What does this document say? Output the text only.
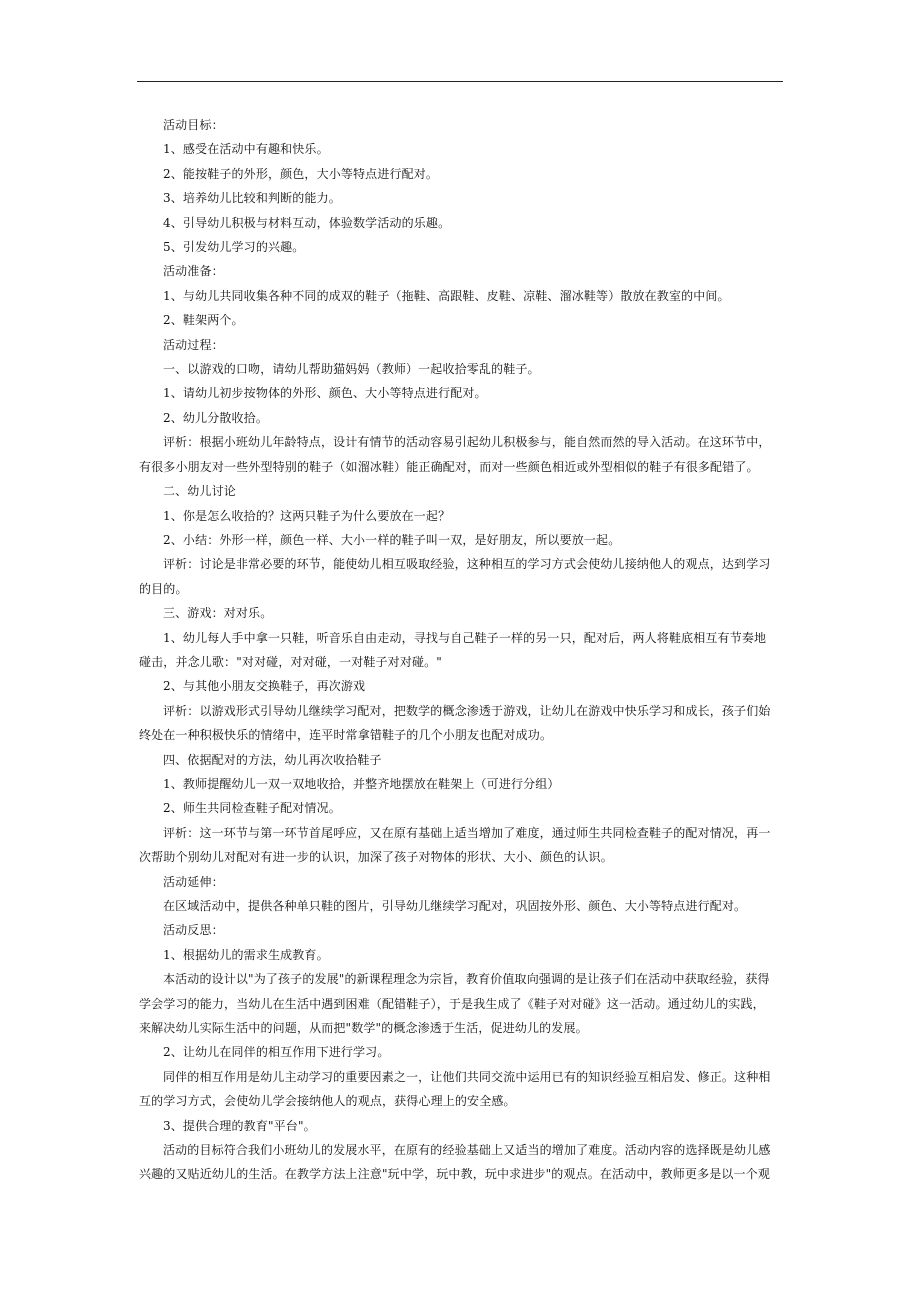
活动目标：
1、感受在活动中有趣和快乐。
2、能按鞋子的外形，颜色，大小等特点进行配对。
3、培养幼儿比较和判断的能力。
4、引导幼儿积极与材料互动，体验数学活动的乐趣。
5、引发幼儿学习的兴趣。
活动准备：
1、与幼儿共同收集各种不同的成双的鞋子（拖鞋、高跟鞋、皮鞋、凉鞋、溜冰鞋等）散放在教室的中间。
2、鞋架两个。
活动过程：
一、以游戏的口吻，请幼儿帮助猫妈妈（教师）一起收拾零乱的鞋子。
1、请幼儿初步按物体的外形、颜色、大小等特点进行配对。
2、幼儿分散收拾。
评析：根据小班幼儿年龄特点，设计有情节的活动容易引起幼儿积极参与，能自然而然的导入活动。在这环节中，
有很多小朋友对一些外型特别的鞋子（如溜冰鞋）能正确配对，而对一些颜色相近或外型相似的鞋子有很多配错了。
二、幼儿讨论
1、你是怎么收拾的？这两只鞋子为什么要放在一起？
2、小结：外形一样，颜色一样、大小一样的鞋子叫一双，是好朋友，所以要放一起。
评析：讨论是非常必要的环节，能使幼儿相互吸取经验，这种相互的学习方式会使幼儿接纳他人的观点，达到学习
的目的。
三、游戏：对对乐。
1、幼儿每人手中拿一只鞋，听音乐自由走动，寻找与自己鞋子一样的另一只，配对后，两人将鞋底相互有节奏地
碰击，并念儿歌："对对碰，对对碰，一对鞋子对对碰。"
2、与其他小朋友交换鞋子，再次游戏
评析：以游戏形式引导幼儿继续学习配对，把数学的概念渗透于游戏，让幼儿在游戏中快乐学习和成长，孩子们始
终处在一种积极快乐的情绪中，连平时常拿错鞋子的几个小朋友也配对成功。
四、依据配对的方法，幼儿再次收拾鞋子
1、教师提醒幼儿一双一双地收拾，并整齐地摆放在鞋架上（可进行分组）
2、师生共同检查鞋子配对情况。
评析：这一环节与第一环节首尾呼应，又在原有基础上适当增加了难度，通过师生共同检查鞋子的配对情况，再一
次帮助个别幼儿对配对有进一步的认识，加深了孩子对物体的形状、大小、颜色的认识。
活动延伸：
在区域活动中，提供各种单只鞋的图片，引导幼儿继续学习配对，巩固按外形、颜色、大小等特点进行配对。
活动反思：
1、根据幼儿的需求生成教育。
本活动的设计以"为了孩子的发展"的新课程理念为宗旨，教育价值取向强调的是让孩子们在活动中获取经验，获得
学会学习的能力，当幼儿在生活中遇到困难（配错鞋子），于是我生成了《鞋子对对碰》这一活动。通过幼儿的实践，
来解决幼儿实际生活中的问题，从而把"数学"的概念渗透于生活，促进幼儿的发展。
2、让幼儿在同伴的相互作用下进行学习。
同伴的相互作用是幼儿主动学习的重要因素之一，让他们共同交流中运用已有的知识经验互相启发、修正。这种相
互的学习方式，会使幼儿学会接纳他人的观点，获得心理上的安全感。
3、提供合理的教育"平台"。
活动的目标符合我们小班幼儿的发展水平，在原有的经验基础上又适当的增加了难度。活动内容的选择既是幼儿感
兴趣的又贴近幼儿的生活。在教学方法上注意"玩中学，玩中教，玩中求进步"的观点。在活动中，教师更多是以一个观
